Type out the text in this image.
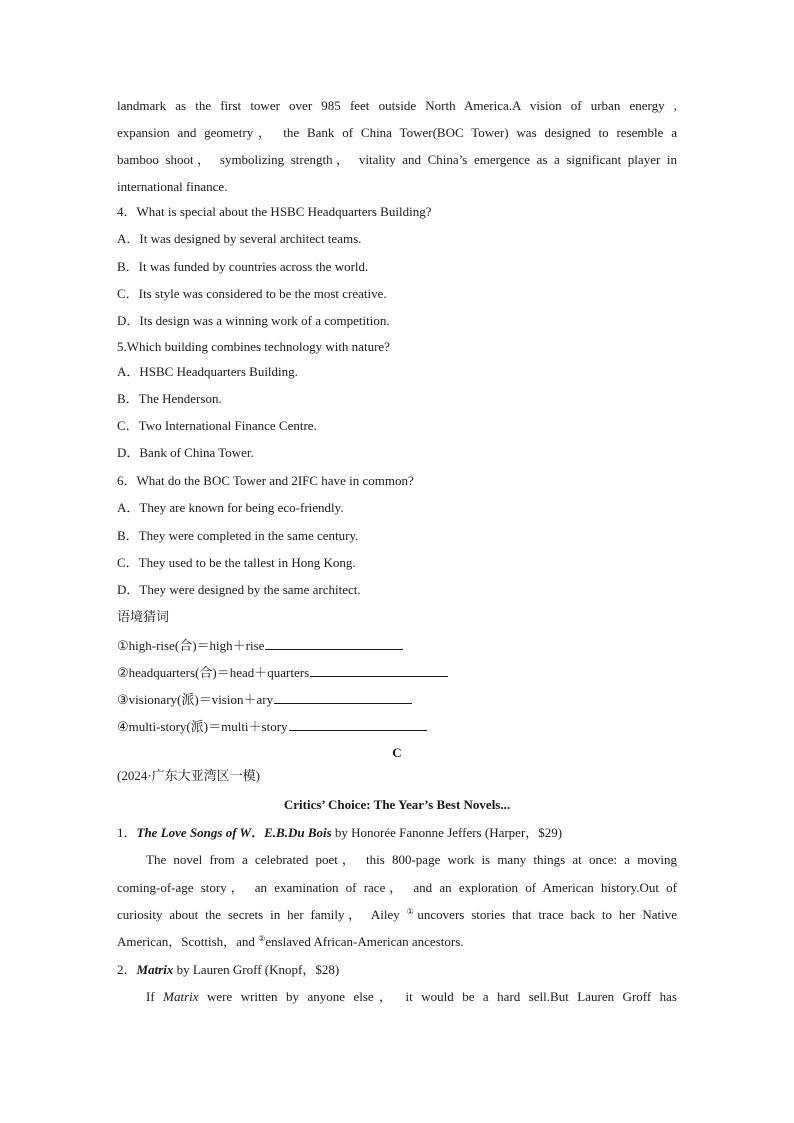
landmark as the first tower over 985 feet outside North America.A vision of urban energy ,
expansion and geometry， the Bank of China Tower(BOC Tower) was designed to resemble a
bamboo shoot， symbolizing strength， vitality and China’s emergence as a significant player in
international finance.
4．What is special about the HSBC Headquarters Building?
A．It was designed by several architect teams.
B．It was funded by countries across the world.
C．Its style was considered to be the most creative.
D．Its design was a winning work of a competition.
5.Which building combines technology with nature?
A．HSBC Headquarters Building.
B．The Henderson.
C．Two International Finance Centre.
D．Bank of China Tower.
6．What do the BOC Tower and 2IFC have in common?
A．They are known for being eco-friendly.
B．They were completed in the same century.
C．They used to be the tallest in Hong Kong.
D．They were designed by the same architect.
语境猜词
①high-rise(合)＝high＋rise
②headquarters(合)＝head＋quarters
③visionary(派)＝vision＋ary
④multi-story(派)＝multi＋story
C
(2024·广东大亚湾区一模)
Critics’ Choice: The Year’s Best Novels...
1．The Love Songs of W．E.B.Du Bois by Honorée Fanonne Jeffers (Harper，$29)
The novel from a celebrated poet， this 800-page work is many things at once: a moving
coming-of-age story， an examination of race， and an exploration of American history.Out of
curiosity about the secrets in her family， Ailey ①uncovers stories that trace back to her Native
American，Scottish，and ②enslaved African-American ancestors.
2．Matrix by Lauren Groff (Knopf，$28)
If Matrix were written by anyone else， it would be a hard sell.But Lauren Groff has
